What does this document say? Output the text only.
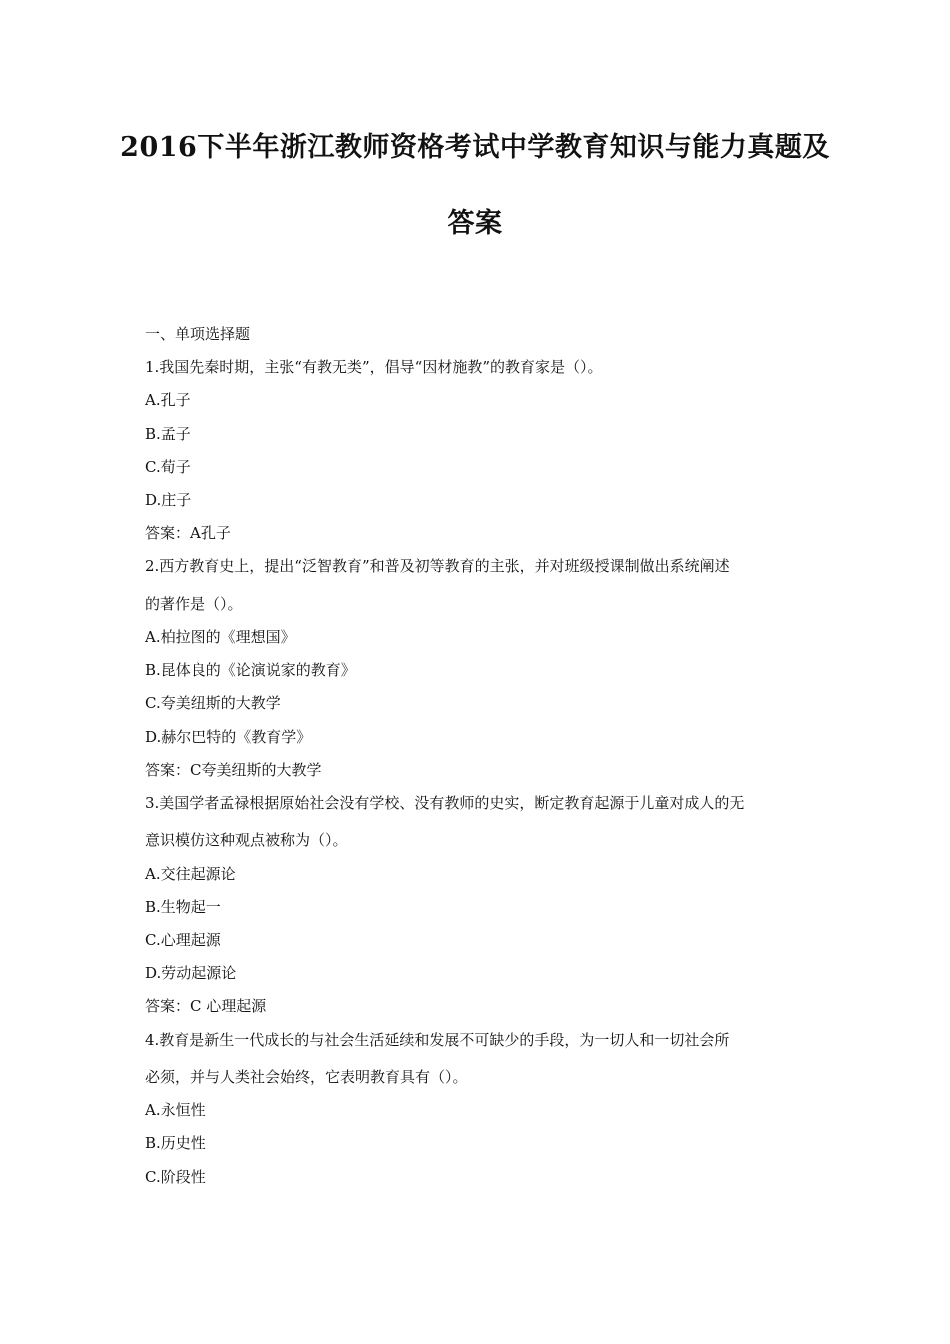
2016下半年浙江教师资格考试中学教育知识与能力真题及
答案
一、单项选择题
1.我国先秦时期，主张“有教无类”，倡导“因材施教”的教育家是（）。
A.孔子
B.孟子
C.荀子
D.庄子
答案：A孔子
2.西方教育史上，提出“泛智教育”和普及初等教育的主张，并对班级授课制做出系统阐述
的著作是（）。
A.柏拉图的《理想国》
B.昆体良的《论演说家的教育》
C.夸美纽斯的大教学
D.赫尔巴特的《教育学》
答案：C夸美纽斯的大教学
3.美国学者孟禄根据原始社会没有学校、没有教师的史实，断定教育起源于儿童对成人的无
意识模仿这种观点被称为（）。
A.交往起源论
B.生物起一
C.心理起源
D.劳动起源论
答案：C 心理起源
4.教育是新生一代成长的与社会生活延续和发展不可缺少的手段，为一切人和一切社会所
必须，并与人类社会始终，它表明教育具有（）。
A.永恒性
B.历史性
C.阶段性
